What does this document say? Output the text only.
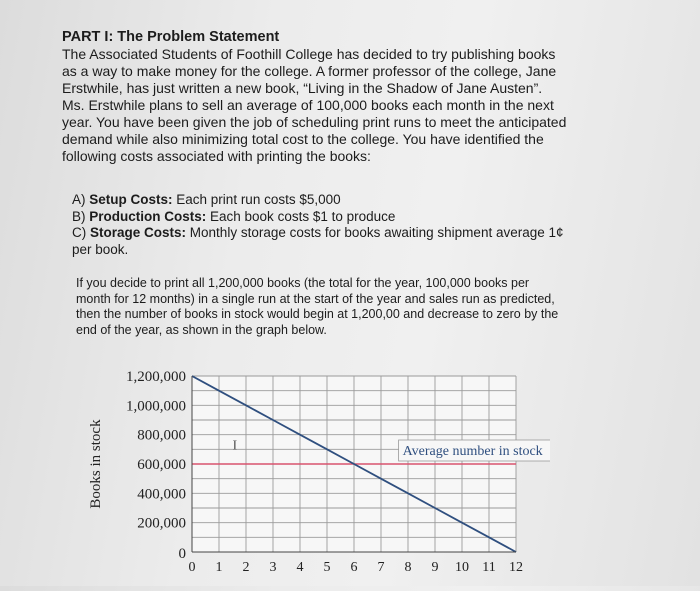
PART I: The Problem Statement
The Associated Students of Foothill College has decided to try publishing books as a way to make money for the college. A former professor of the college, Jane Erstwhile, has just written a new book, “Living in the Shadow of Jane Austen”. Ms. Erstwhile plans to sell an average of 100,000 books each month in the next year. You have been given the job of scheduling print runs to meet the anticipated demand while also minimizing total cost to the college. You have identified the following costs associated with printing the books:

A) Setup Costs: Each print run costs $5,000

B) Production Costs: Each book costs $1 to produce

C) Storage Costs: Monthly storage costs for books awaiting shipment average 1¢ per book.

If you decide to print all 1,200,000 books (the total for the year, 100,000 books per month for 12 months) in a single run at the start of the year and sales run as predicted, then the number of books in stock would begin at 1,200,00 and decrease to zero by the end of the year, as shown in the graph below.
Average number in stock
I
1,200,000
1,000,000
800,000
600,000
400,000
200,000
0
0 1 2 3 4 5 6 7 8 9 10 11 12
Books in stock
